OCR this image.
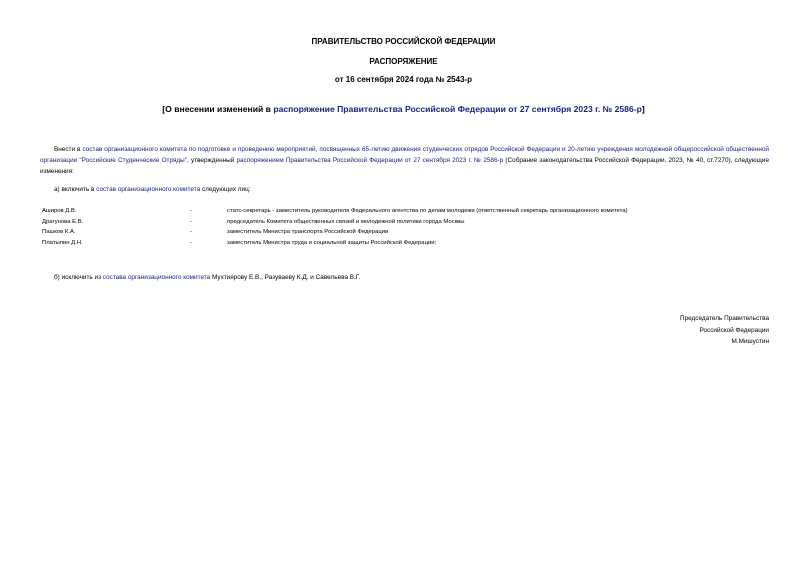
ПРАВИТЕЛЬСТВО РОССИЙСКОЙ ФЕДЕРАЦИИ
РАСПОРЯЖЕНИЕ
от 16 сентября 2024 года № 2543-р
[О внесении изменений в распоряжение Правительства Российской Федерации от 27 сентября 2023 г. № 2586-р]
Внести в состав организационного комитета по подготовке и проведению мероприятий, посвященных 65-летию движения студенческих отрядов Российской Федерации и 20-летию учреждения молодежной общероссийской общественной организации "Российские Студенческие Отряды", утвержденный распоряжением Правительства Российской Федерации от 27 сентября 2023 г. № 2586-р (Собрание законодательства Российской Федерации, 2023, № 40, ст.7270), следующие изменения:
а) включить в состав организационного комитета следующих лиц:
Аширов Д.В.	-	статс-секретарь - заместитель руководителя Федерального агентства по делам молодежи (ответственный секретарь организационного комитета)
Драгунова Е.В.	-	председатель Комитета общественных связей и молодежной политики города Москвы
Пашков К.А.	-	заместитель Министра транспорта Российской Федерации
Платыпин Д.Н.	-	заместитель Министра труда и социальной защиты Российской Федерации;
б) исключить из состава организационного комитета Мухтиярову Е.В., Разуваеву К.Д. и Савельева В.Г.
Председатель Правительства
Российской Федерации
М.Мишустин
